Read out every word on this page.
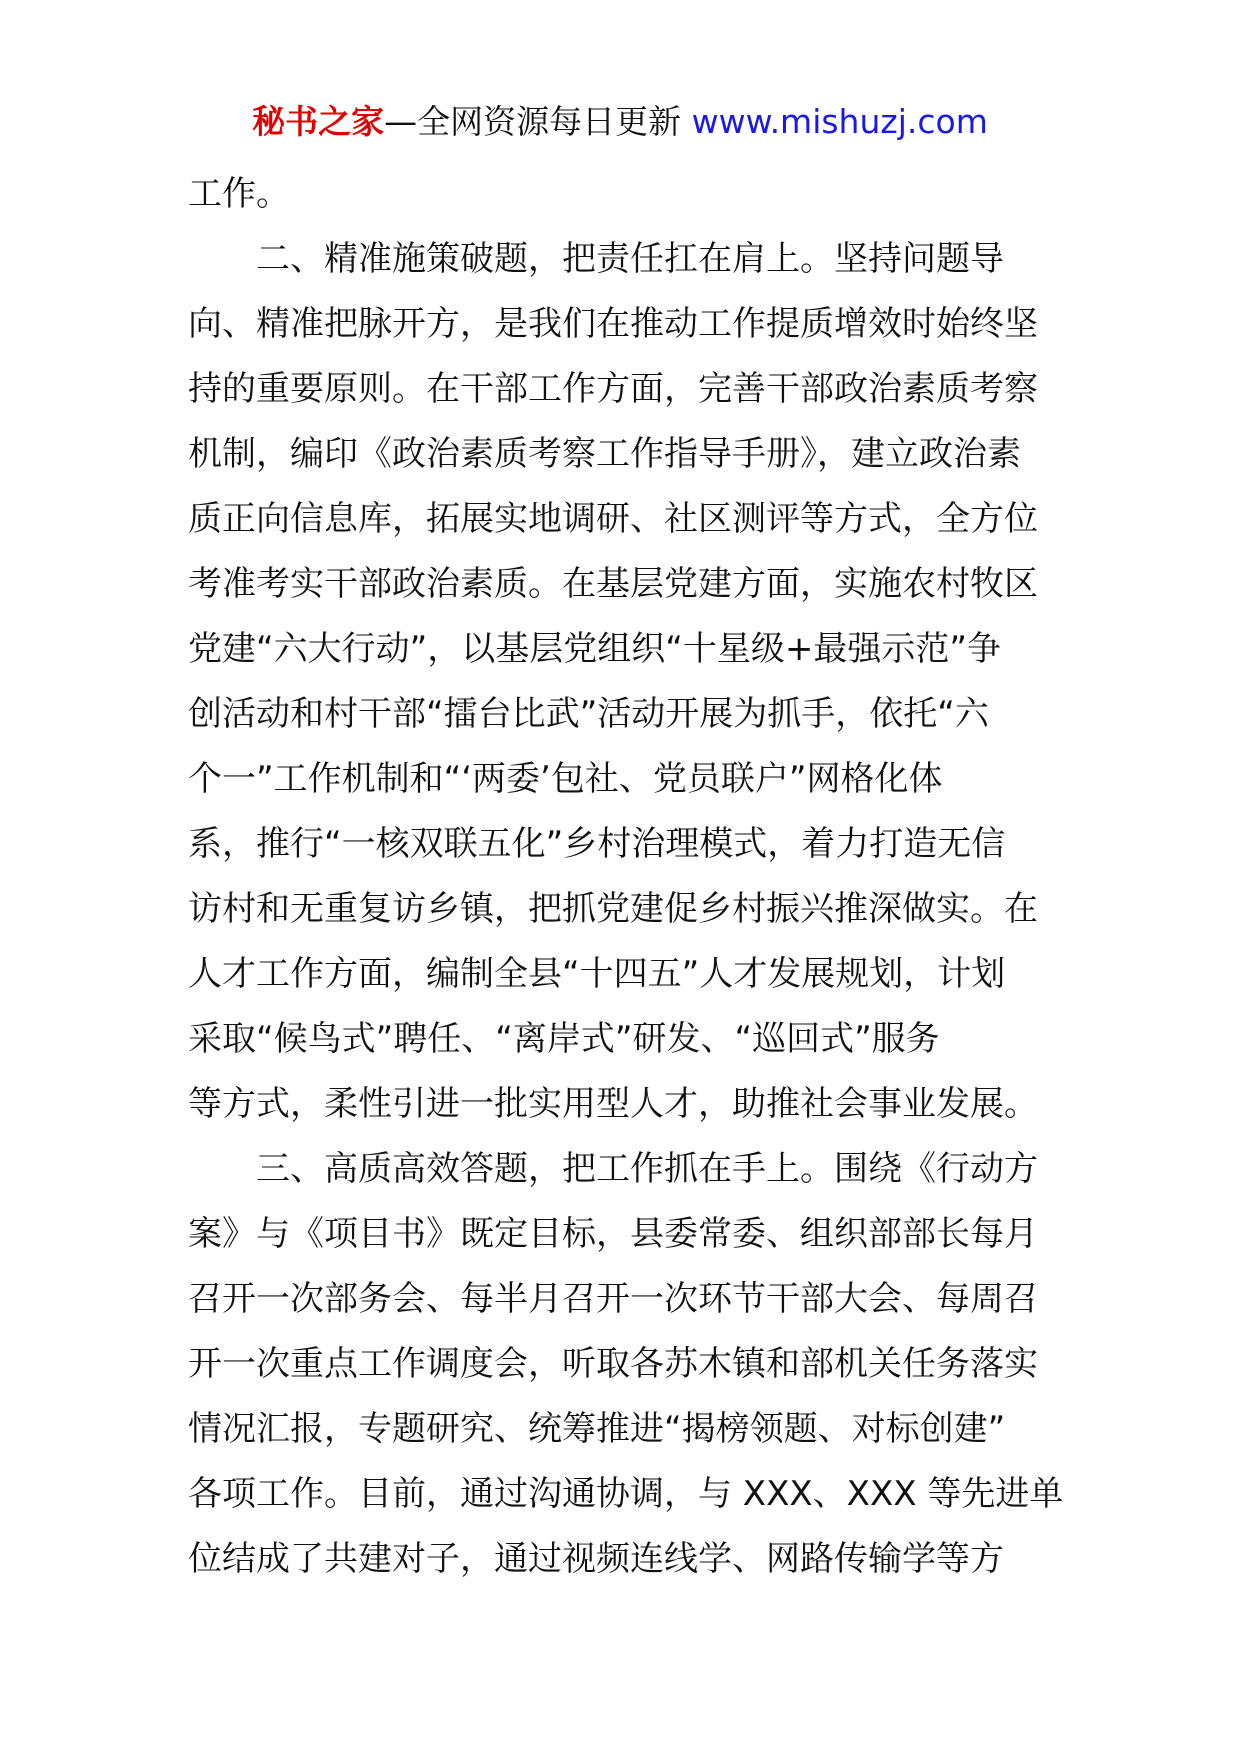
秘书之家—全网资源每日更新 www.mishuzj.com
工作。
二、精准施策破题，把责任扛在肩上。坚持问题导
向、精准把脉开方，是我们在推动工作提质增效时始终坚
持的重要原则。在干部工作方面，完善干部政治素质考察
机制，编印《政治素质考察工作指导手册》，建立政治素
质正向信息库，拓展实地调研、社区测评等方式，全方位
考准考实干部政治素质。在基层党建方面，实施农村牧区
党建“六大行动”，以基层党组织“十星级+最强示范”争
创活动和村干部“擂台比武”活动开展为抓手，依托“六
个一”工作机制和“‘两委’包社、党员联户”网格化体
系，推行“一核双联五化”乡村治理模式，着力打造无信
访村和无重复访乡镇，把抓党建促乡村振兴推深做实。在
人才工作方面，编制全县“十四五”人才发展规划，计划
采取“候鸟式”聘任、“离岸式”研发、“巡回式”服务
等方式，柔性引进一批实用型人才，助推社会事业发展。
三、高质高效答题，把工作抓在手上。围绕《行动方
案》与《项目书》既定目标，县委常委、组织部部长每月
召开一次部务会、每半月召开一次环节干部大会、每周召
开一次重点工作调度会，听取各苏木镇和部机关任务落实
情况汇报，专题研究、统筹推进“揭榜领题、对标创建”
各项工作。目前，通过沟通协调，与 XXX、XXX 等先进单
位结成了共建对子，通过视频连线学、网路传输学等方
